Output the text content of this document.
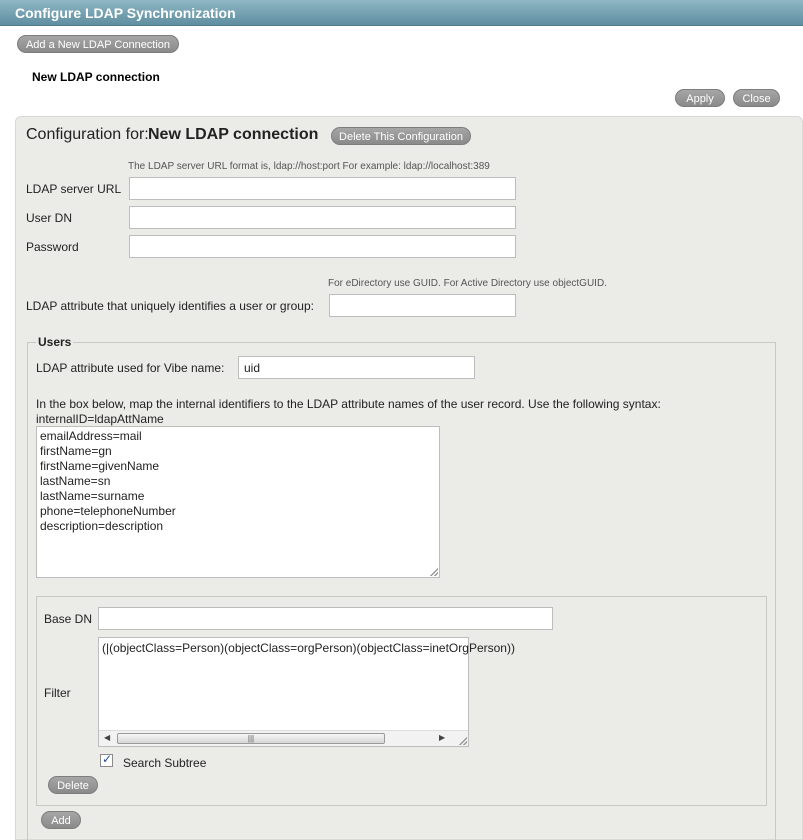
Configure LDAP Synchronization
Add a New LDAP Connection
New LDAP connection
Apply	Close
Configuration for: New LDAP connection	Delete This Configuration
The LDAP server URL format is, ldap://host:port For example: ldap://localhost:389
LDAP server URL
User DN
Password
For eDirectory use GUID. For Active Directory use objectGUID.
LDAP attribute that uniquely identifies a user or group:
Users
LDAP attribute used for Vibe name:
uid
In the box below, map the internal identifiers to the LDAP attribute names of the user record. Use the following syntax:
internalID=ldapAttName
emailAddress=mail
firstName=gn
firstName=givenName
lastName=sn
lastName=surname
phone=telephoneNumber
description=description
Base DN
Filter
(|(objectClass=Person)(objectClass=orgPerson)(objectClass=inetOrgPerson))
◀	|||	▶
✓ Search Subtree
Delete
Add
